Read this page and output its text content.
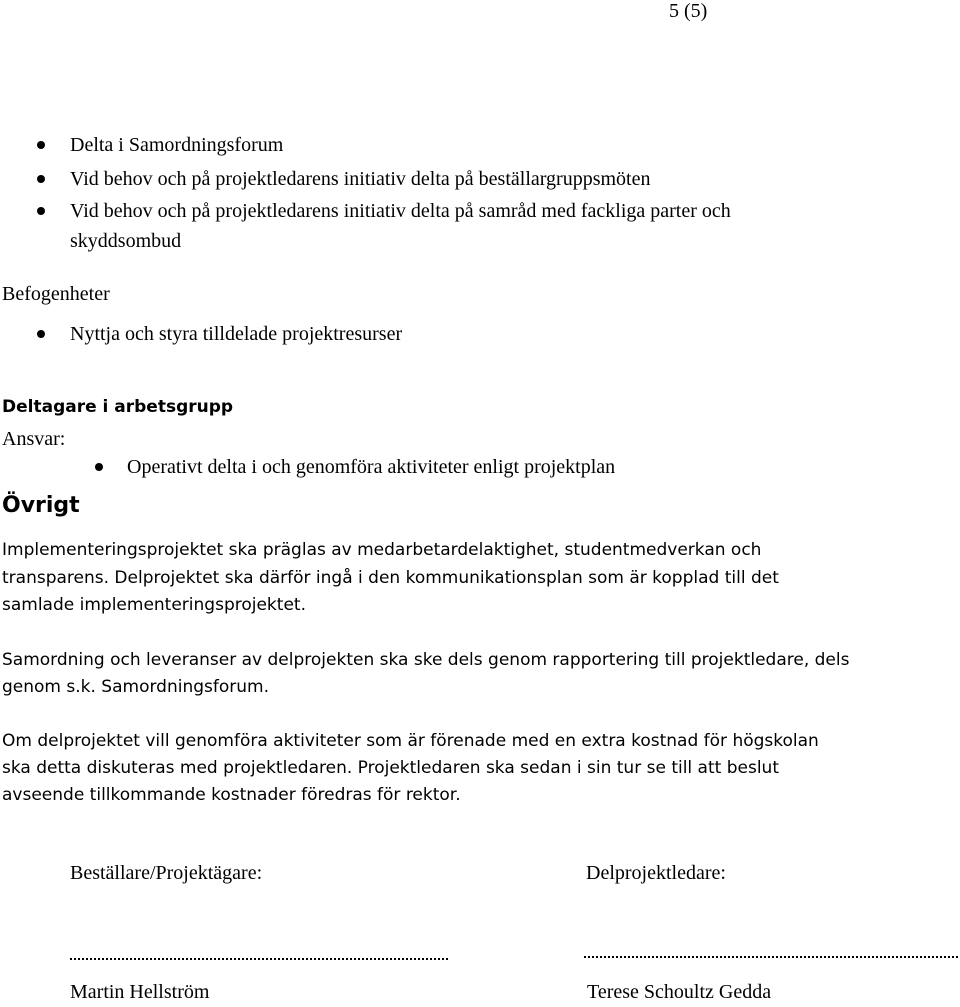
5 (5)
Delta i Samordningsforum
Vid behov och på projektledarens initiativ delta på beställargruppsmöten
Vid behov och på projektledarens initiativ delta på samråd med fackliga parter och
skyddsombud
Befogenheter
Nyttja och styra tilldelade projektresurser
Deltagare i arbetsgrupp
Ansvar:
Operativt delta i och genomföra aktiviteter enligt projektplan
Övrigt
Implementeringsprojektet ska präglas av medarbetardelaktighet, studentmedverkan och
transparens. Delprojektet ska därför ingå i den kommunikationsplan som är kopplad till det
samlade implementeringsprojektet.
Samordning och leveranser av delprojekten ska ske dels genom rapportering till projektledare, dels
genom s.k. Samordningsforum.
Om delprojektet vill genomföra aktiviteter som är förenade med en extra kostnad för högskolan
ska detta diskuteras med projektledaren. Projektledaren ska sedan i sin tur se till att beslut
avseende tillkommande kostnader föredras för rektor.
Beställare/Projektägare:	Delprojektledare:
Martin Hellström	Terese Schoultz Gedda
